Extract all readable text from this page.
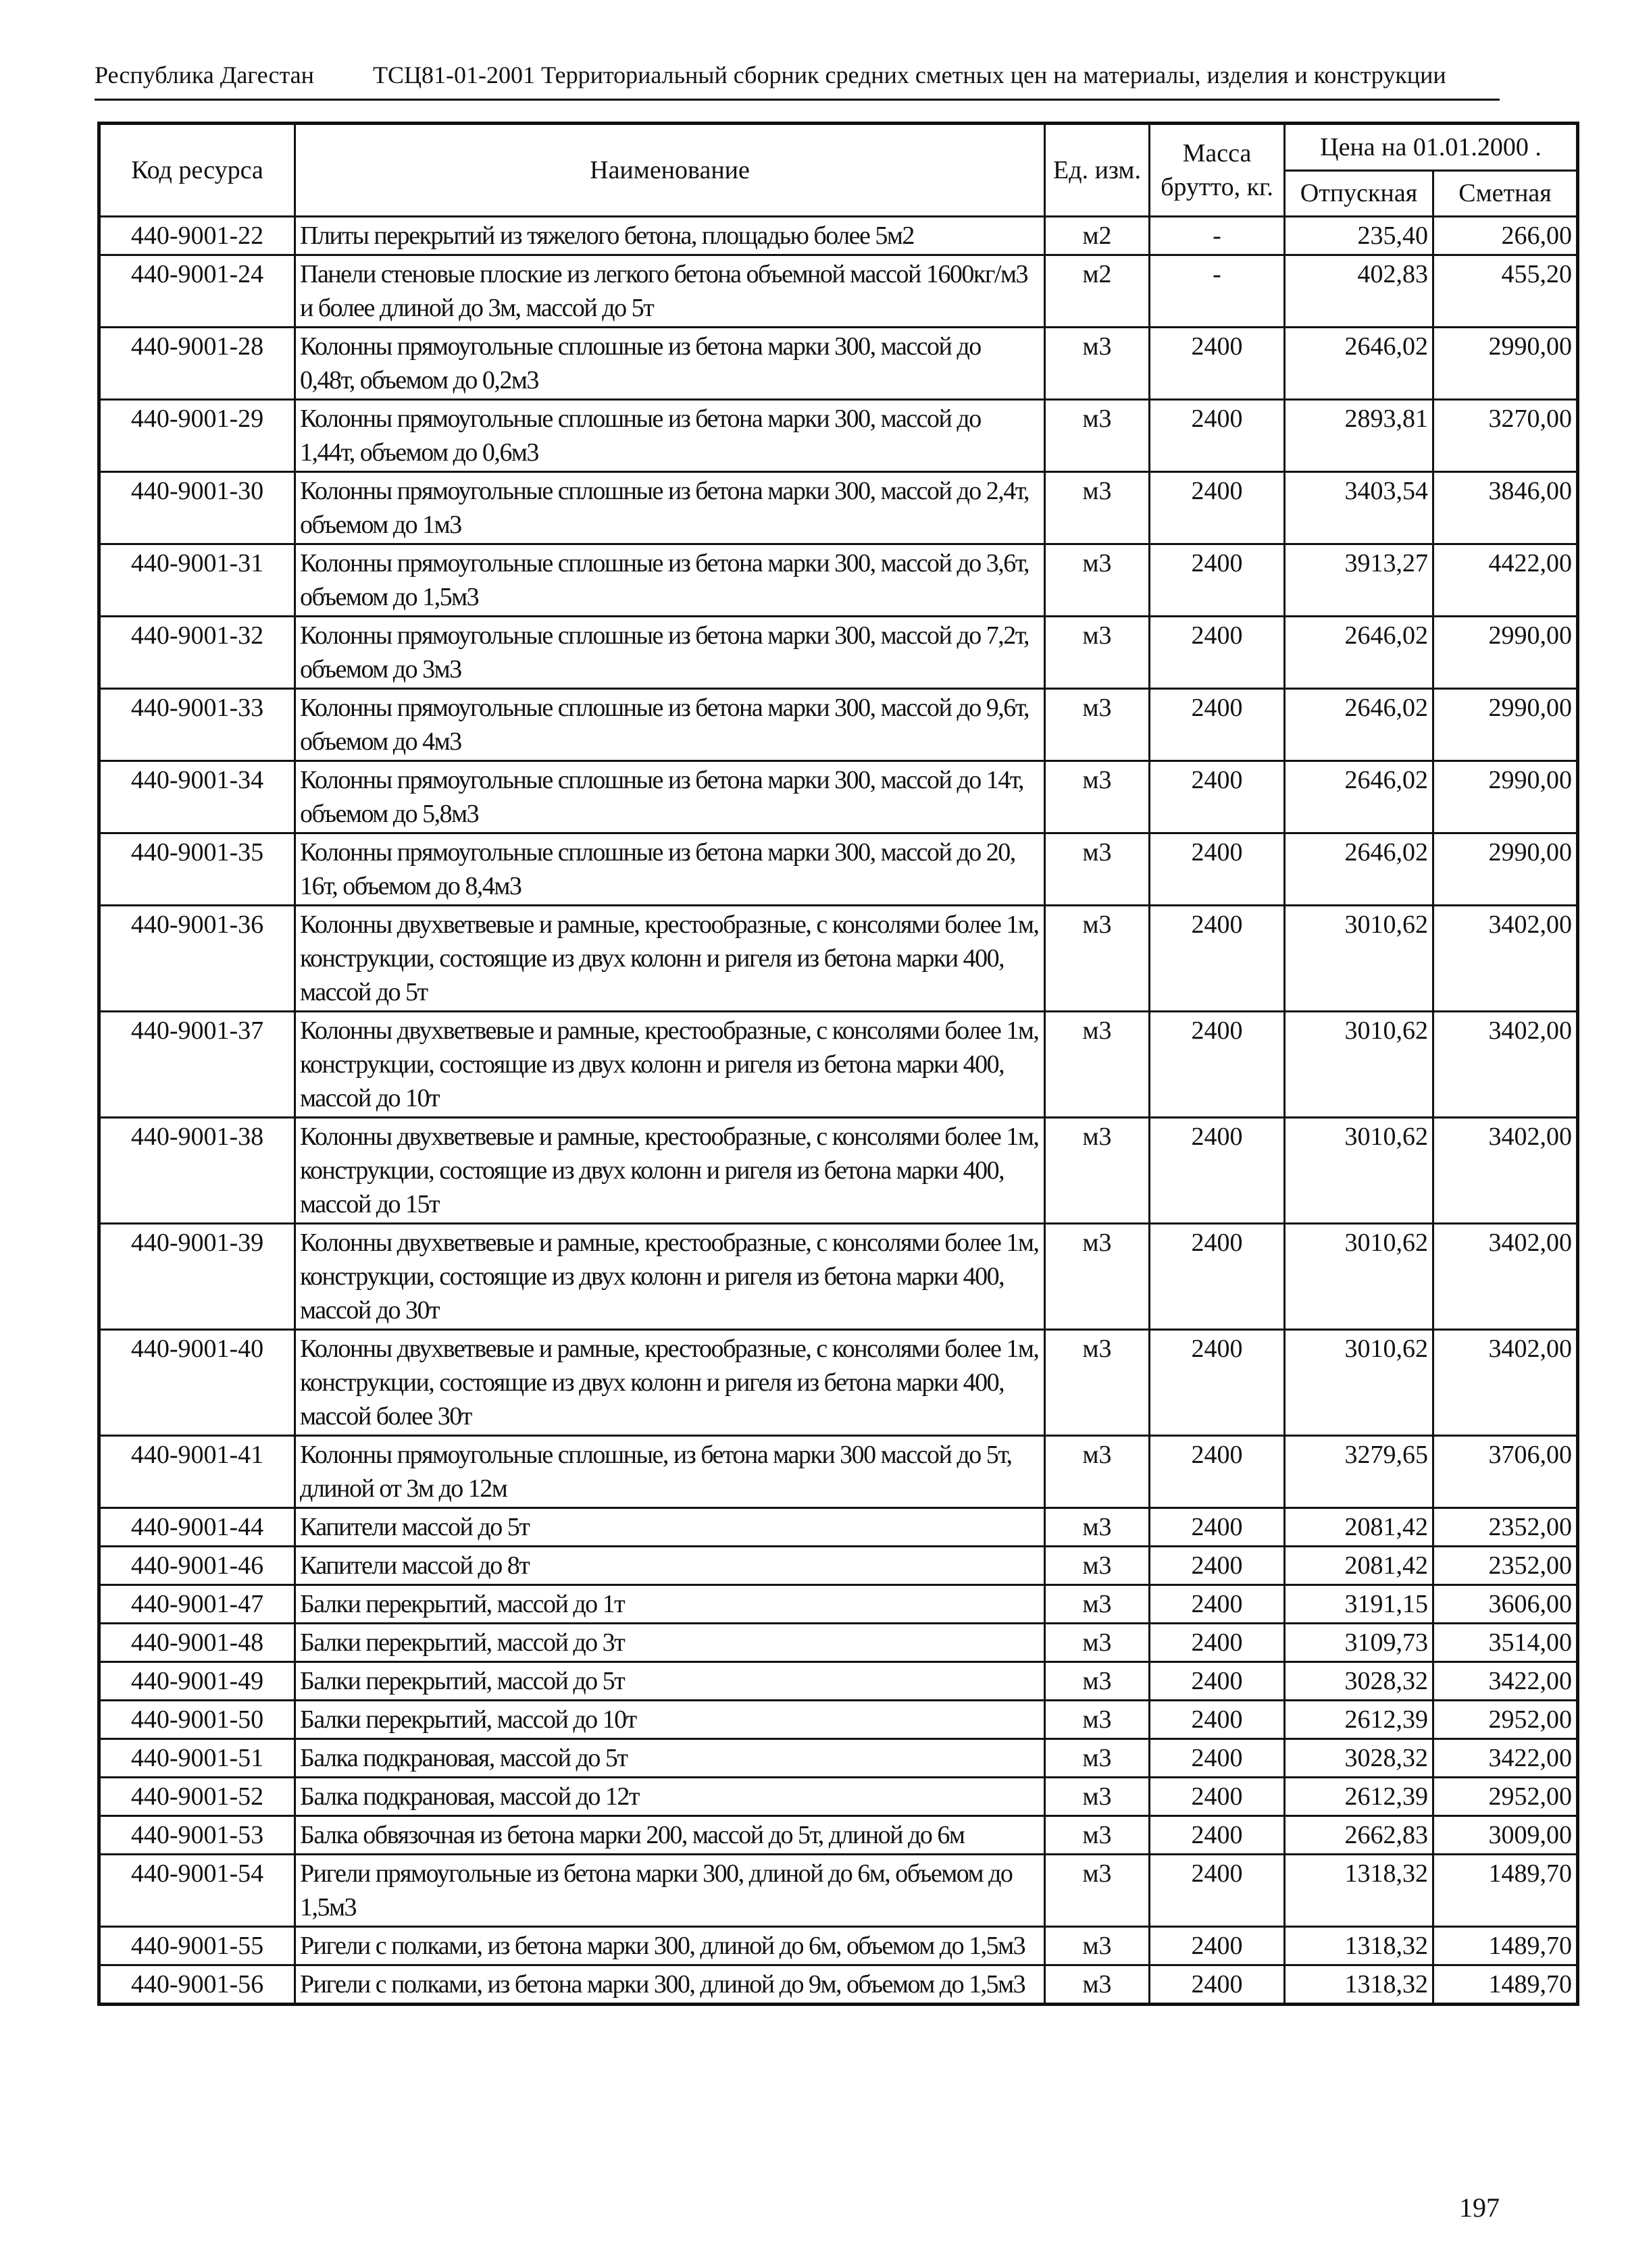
Республика Дагестан ТСЦ81-01-2001 Территориальный сборник средних сметных цен на материалы, изделия и конструкции
Код ресурса	Наименование	Ед. изм.	Масса брутто, кг.	Цена на 01.01.2000 .	
				Отпускная	Сметная
440-9001-22	Плиты перекрытий из тяжелого бетона, площадью более 5м2	м2	-	235,40	266,00
440-9001-24	Панели стеновые плоские из легкого бетона объемной массой 1600кг/м3 и более длиной до 3м, массой до 5т	м2	-	402,83	455,20
440-9001-28	Колонны прямоугольные сплошные из бетона марки 300, массой до 0,48т, объемом до 0,2м3	м3	2400	2646,02	2990,00
440-9001-29	Колонны прямоугольные сплошные из бетона марки 300, массой до 1,44т, объемом до 0,6м3	м3	2400	2893,81	3270,00
440-9001-30	Колонны прямоугольные сплошные из бетона марки 300, массой до 2,4т, объемом до 1м3	м3	2400	3403,54	3846,00
440-9001-31	Колонны прямоугольные сплошные из бетона марки 300, массой до 3,6т, объемом до 1,5м3	м3	2400	3913,27	4422,00
440-9001-32	Колонны прямоугольные сплошные из бетона марки 300, массой до 7,2т, объемом до 3м3	м3	2400	2646,02	2990,00
440-9001-33	Колонны прямоугольные сплошные из бетона марки 300, массой до 9,6т, объемом до 4м3	м3	2400	2646,02	2990,00
440-9001-34	Колонны прямоугольные сплошные из бетона марки 300, массой до 14т, объемом до 5,8м3	м3	2400	2646,02	2990,00
440-9001-35	Колонны прямоугольные сплошные из бетона марки 300, массой до 20, 16т, объемом до 8,4м3	м3	2400	2646,02	2990,00
440-9001-36	Колонны двухветвевые и рамные, крестообразные, с консолями более 1м, конструкции, состоящие из двух колонн и ригеля из бетона марки 400, массой до 5т	м3	2400	3010,62	3402,00
440-9001-37	Колонны двухветвевые и рамные, крестообразные, с консолями более 1м, конструкции, состоящие из двух колонн и ригеля из бетона марки 400, массой до 10т	м3	2400	3010,62	3402,00
440-9001-38	Колонны двухветвевые и рамные, крестообразные, с консолями более 1м, конструкции, состоящие из двух колонн и ригеля из бетона марки 400, массой до 15т	м3	2400	3010,62	3402,00
440-9001-39	Колонны двухветвевые и рамные, крестообразные, с консолями более 1м, конструкции, состоящие из двух колонн и ригеля из бетона марки 400, массой до 30т	м3	2400	3010,62	3402,00
440-9001-40	Колонны двухветвевые и рамные, крестообразные, с консолями более 1м, конструкции, состоящие из двух колонн и ригеля из бетона марки 400, массой более 30т	м3	2400	3010,62	3402,00
440-9001-41	Колонны прямоугольные сплошные, из бетона марки 300 массой до 5т, длиной от 3м до 12м	м3	2400	3279,65	3706,00
440-9001-44	Капители массой до 5т	м3	2400	2081,42	2352,00
440-9001-46	Капители массой до 8т	м3	2400	2081,42	2352,00
440-9001-47	Балки перекрытий, массой до 1т	м3	2400	3191,15	3606,00
440-9001-48	Балки перекрытий, массой до 3т	м3	2400	3109,73	3514,00
440-9001-49	Балки перекрытий, массой до 5т	м3	2400	3028,32	3422,00
440-9001-50	Балки перекрытий, массой до 10т	м3	2400	2612,39	2952,00
440-9001-51	Балка подкрановая, массой до 5т	м3	2400	3028,32	3422,00
440-9001-52	Балка подкрановая, массой до 12т	м3	2400	2612,39	2952,00
440-9001-53	Балка обвязочная из бетона марки 200, массой до 5т, длиной до 6м	м3	2400	2662,83	3009,00
440-9001-54	Ригели прямоугольные из бетона марки 300, длиной до 6м, объемом до 1,5м3	м3	2400	1318,32	1489,70
440-9001-55	Ригели с полками, из бетона марки 300, длиной до 6м, объемом до 1,5м3	м3	2400	1318,32	1489,70
440-9001-56	Ригели с полками, из бетона марки 300, длиной до 9м, объемом до 1,5м3	м3	2400	1318,32	1489,70
197
